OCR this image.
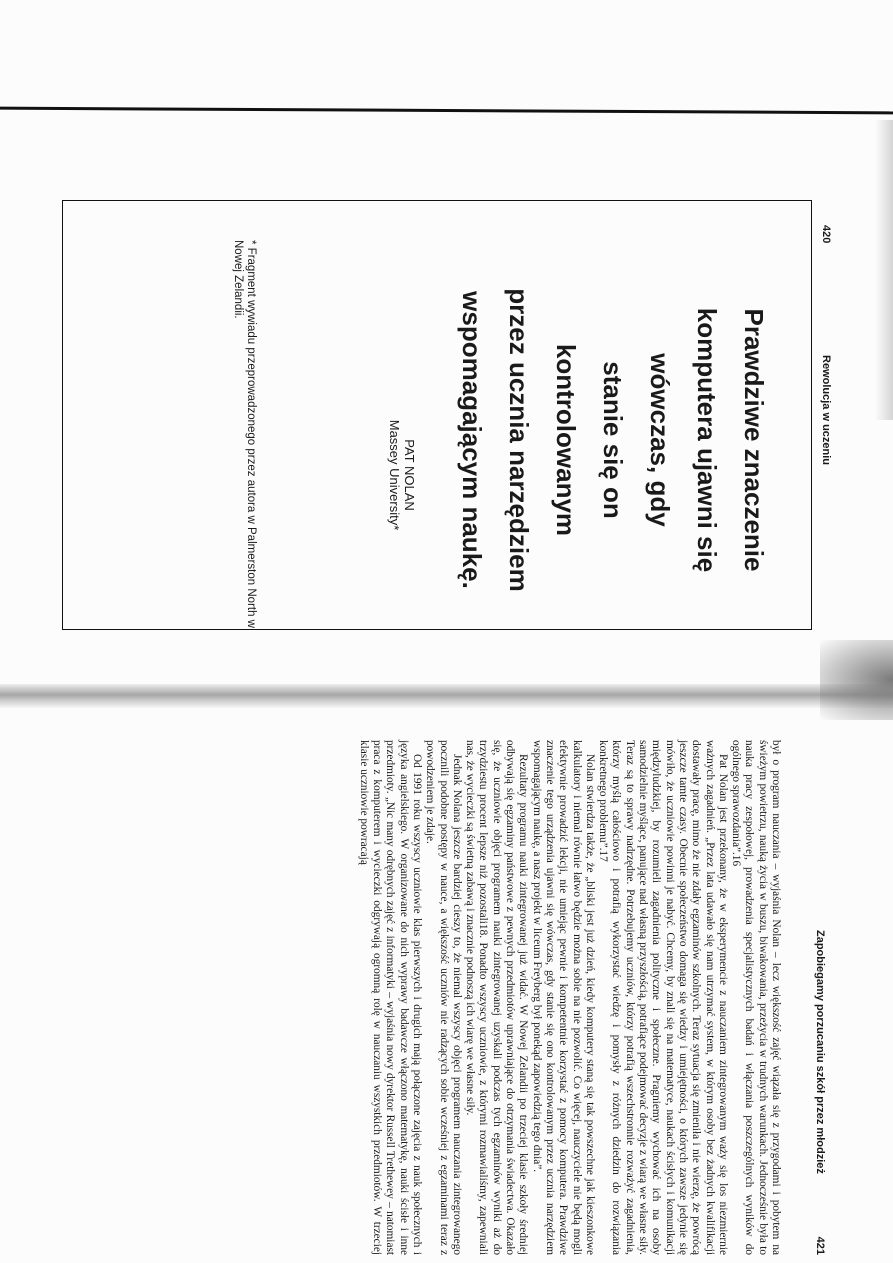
420
Rewolucja w uczeniu
Prawdziwe znaczenie
komputera ujawni się
wówczas, gdy
stanie się on
kontrolowanym
przez ucznia narzędziem
wspomagającym naukę.
PAT NOLAN
Massey University*
* Fragment wywiadu przeprowadzonego przez autora w Palmerston North w Nowej Zelandii.
Zapobiegamy porzucaniu szkół przez młodzież
421

był o program nauczania – wyjaśnia Nolan – lecz większość zajęć wiązała się z przygodami i pobytem na świeżym powietrzu, nauką życia w buszu, biwakowania, przeżycia w trudnych warunkach. Jednocześnie była to nauka pracy zespołowej, prowadzenia specjalistycznych badań i włączania poszczególnych wyników do ogólnego sprawozdania”.16

Pat Nolan jest przekonany, że w eksperymencie z nauczaniem zintegrowanym waży się los niezmiernie ważnych zagadnień. „Przez lata udawało się nam utrzymać system, w którym osoby bez żadnych kwalifikacji dostawały pracę, mimo że nie zdały egzaminów szkolnych. Teraz sytuacja się zmieniła i nie wierzę, że powrócą jeszcze tamte czasy. Obecnie społeczeństwo domaga się wiedzy i umiejętności, o których zawsze jedynie się mówiło, że uczniowie powinni je nabyć. Chcemy, by znali się na matematyce, naukach ścisłych i komunikacji międzyludzkiej, by rozumieli zagadnienia polityczne i społeczne. Pragniemy wychować ich na osoby samodzielnie myślące, panujące nad własną przyszłością, potrafiące podejmować decyzje z wiarą we własne siły. Teraz są to sprawy nadrzędne. Potrzebujemy uczniów, którzy potrafią wszechstronnie rozważyć zagadnienia, którzy myślą całościowo i potrafią wykorzystać wiedzę i pomysły z różnych dziedzin do rozwiązania konkretnego problemu”.17

Nolan stwierdza także, że „bliski jest już dzień, kiedy komputery staną się tak powszechne jak kieszonkowe kalkulatory i niemal równie łatwo będzie można sobie na nie pozwolić. Co więcej, nauczyciele nie będą mogli efektywnie prowadzić lekcji, nie umiejąc pewnie i kompetentnie korzystać z pomocy komputera. Prawdziwe znaczenie tego urządzenia ujawni się wówczas, gdy stanie się ono kontrolowanym przez ucznia narzędziem wspomagającym naukę, a nasz projekt w liceum Freyberg był ponekąd zapowiedzią tego dnia”.

Rezultaty programu nauki zintegrowanej już widać. W Nowej Zelandii po trzeciej klasie szkoły średniej odbywają się egzaminy państwowe z pewnych przedmiotów uprawniające do otrzymania świadectwa. Okazało się, że uczniowie objęci programem nauki zintegrowanej uzyskali podczas tych egzaminów wyniki aż do trzydziestu procent lepsze niż pozostali18. Ponadto wszyscy uczniowie, z którymi rozmawialiśmy, zapewniali nas, że wycieczki są świetną zabawą i znacznie podnoszą ich wiarę we własne siły.

Jednak Nolana jeszcze bardziej cieszy to, że niemal wszyscy objęci programem nauczania zintegrowanego pocznili podobne postępy w nauce, a większość uczniów nie radzących sobie wcześniej z egzaminami teraz z powodzeniem je zdaje.

Od 1991 roku wszyscy uczniowie klas pierwszych i drugich mają połączone zajęcia z nauk społecznych i języka angielskiego. W organizowane do nich wyprawy badawcze włączono matematykę, nauki ścisłe i inne przedmioty. „Nic many odrębnych zajęć z informatyki – wyjaśnia nowy dyrektor Russell Trethewey – natomiast praca z komputerem i wycieczki odgrywają ogromną rolę w nauczaniu wszystkich przedmiotów. W trzeciej klasie uczniowie powracają
